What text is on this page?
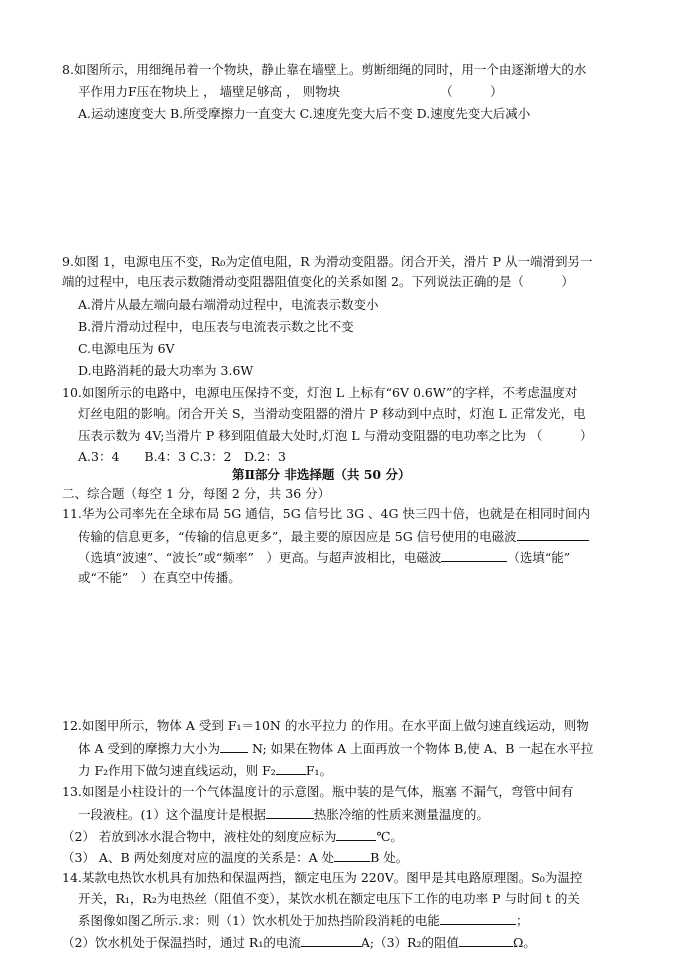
8.如图所示，用细绳吊着一个物块，静止靠在墙壁上。剪断细绳的同时，用一个由逐渐增大的水
平作用力F压在物块上 ， 墙壁足够高 ， 则物块	（　　　）
A.运动速度变大 B.所受摩擦力一直变大 C.速度先变大后不变 D.速度先变大后减小
9.如图 1，电源电压不变，R₀为定值电阻，R 为滑动变阻器。闭合开关，滑片 P 从一端滑到另一
端的过程中，电压表示数随滑动变阻器阻值变化的关系如图 2。下列说法正确的是（　　　）
A.滑片从最左端向最右端滑动过程中，电流表示数变小
B.滑片滑动过程中，电压表与电流表示数之比不变
C.电源电压为 6V
D.电路消耗的最大功率为 3.6W
10.如图所示的电路中，电源电压保持不变，灯泡 L 上标有“6V 0.6W”的字样，不考虑温度对
灯丝电阻的影响。闭合开关 S，当滑动变阻器的滑片 P 移动到中点时，灯泡 L 正常发光，电
压表示数为 4V;当滑片 P 移到阻值最大处时,灯泡 L 与滑动变阻器的电功率之比为 （　　　）
A.3：4　　B.4：3 C.3：2　D.2：3
第Ⅱ部分 非选择题（共 50 分）
二、综合题（每空 1 分，每图 2 分，共 36 分）
11.华为公司率先在全球布局 5G 通信，5G 信号比 3G 、4G 快三四十倍，也就是在相同时间内
传输的信息更多，“传输的信息更多”，最主要的原因应是 5G 信号使用的电磁波
（选填“波速”、“波长”或“频率”　）更高。与超声波相比，电磁波	（选填“能”
或“不能”　）在真空中传播。
12.如图甲所示，物体 A 受到 F₁＝10N 的水平拉力 的作用。在水平面上做匀速直线运动，则物
体 A 受到的摩擦力大小为	N; 如果在物体 A 上面再放一个物体 B,使 A、B 一起在水平拉
力 F₂作用下做匀速直线运动，则 F₂ F₁。
13.如图是小柱设计的一个气体温度计的示意图。瓶中装的是气体，瓶塞 不漏气，弯管中间有
一段液柱。(1）这个温度计是根据	热胀冷缩的性质来测量温度的。
（2） 若放到冰水混合物中，液柱处的刻度应标为	℃。
（3） A、B 两处刻度对应的温度的关系是：A 处	B 处。
14.某款电热饮水机具有加热和保温两挡，额定电压为 220V。图甲是其电路原理图。S₀为温控
开关，R₁，R₂为电热丝（阻值不变），某饮水机在额定电压下工作的电功率 P 与时间 t 的关
系图像如图乙所示.求：则（1）饮水机处于加热挡阶段消耗的电能	；
（2）饮水机处于保温挡时，通过 R₁的电流	A;（3）R₂的阻值	Ω。
